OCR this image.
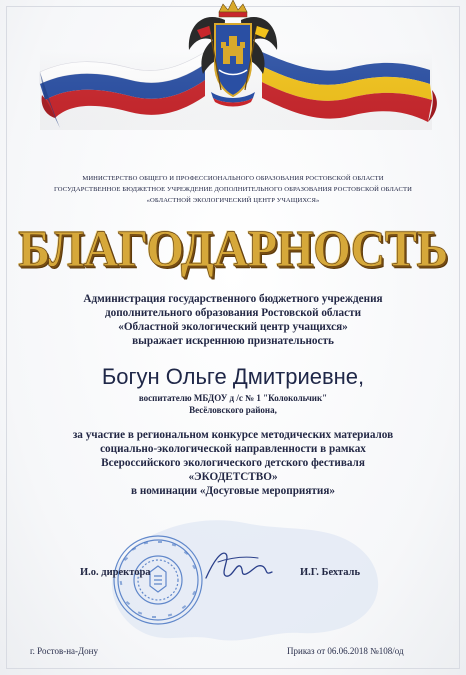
МИНИСТЕРСТВО ОБЩЕГО И ПРОФЕССИОНАЛЬНОГО ОБРАЗОВАНИЯ РОСТОВСКОЙ ОБЛАСТИ
ГОСУДАРСТВЕННОЕ БЮДЖЕТНОЕ УЧРЕЖДЕНИЕ ДОПОЛНИТЕЛЬНОГО ОБРАЗОВАНИЯ РОСТОВСКОЙ ОБЛАСТИ
«ОБЛАСТНОЙ ЭКОЛОГИЧЕСКИЙ ЦЕНТР УЧАЩИХСЯ»
БЛАГОДАРНОСТЬ
Администрация государственного бюджетного учреждения
дополнительного образования Ростовской области
«Областной экологический центр учащихся»
выражает искреннюю признательность
Богун Ольге Дмитриевне,
воспитателю МБДОУ д /с № 1 "Колокольчик"
Весёловского района,
за участие в региональном конкурсе методических материалов
социально-экологической направленности в рамках
Всероссийского экологического детского фестиваля
«ЭКОДЕТСТВО»
в номинации «Досуговые мероприятия»
И.о. директора	И.Г. Бехталь
г. Ростов-на-Дону	Приказ от 06.06.2018 №108/од
